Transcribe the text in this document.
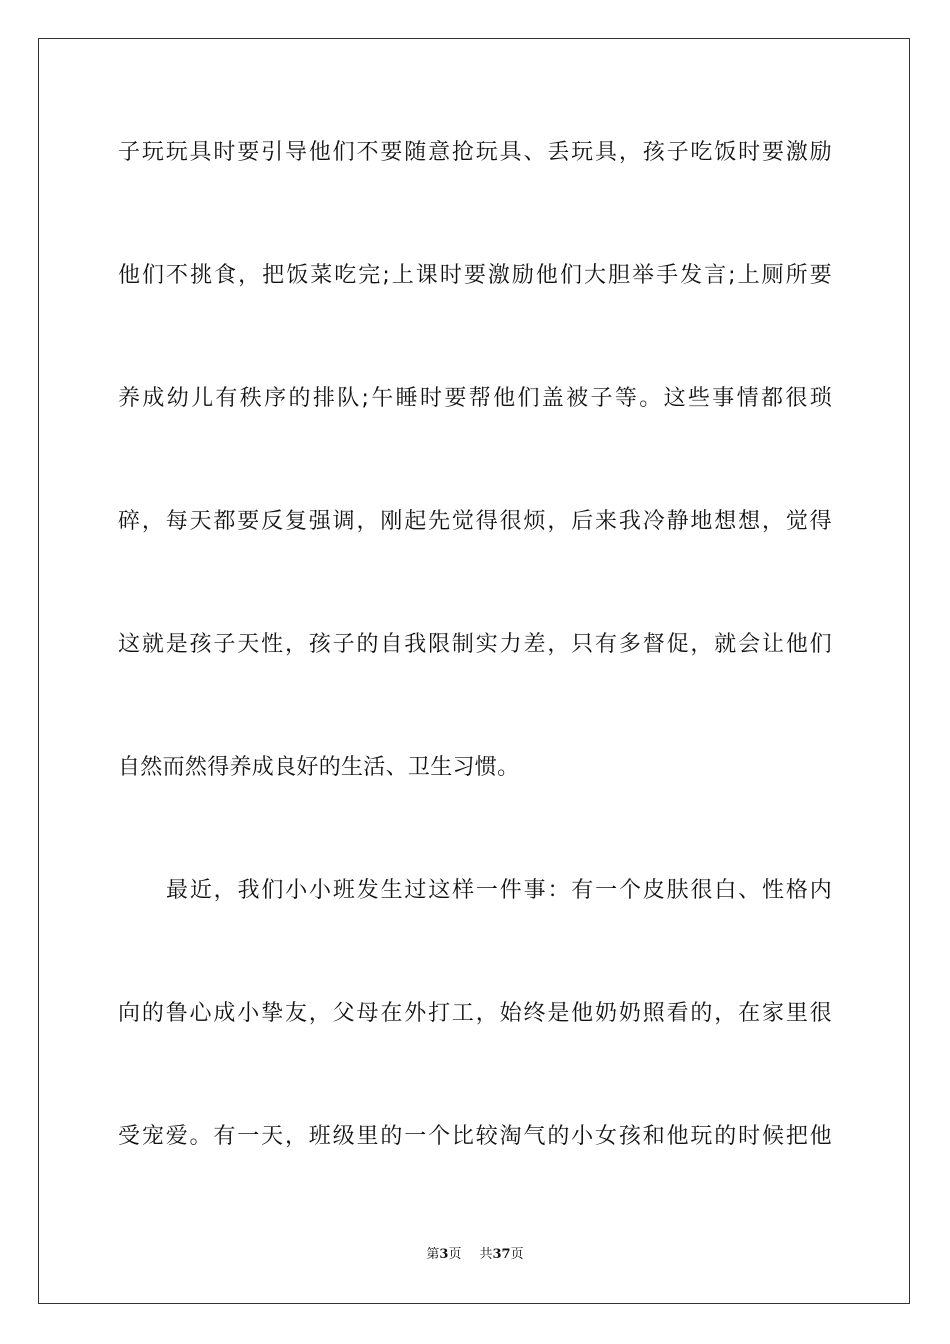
子玩玩具时要引导他们不要随意抢玩具、丢玩具，孩子吃饭时要激励
他们不挑食，把饭菜吃完;上课时要激励他们大胆举手发言;上厕所要
养成幼儿有秩序的排队;午睡时要帮他们盖被子等。这些事情都很琐
碎，每天都要反复强调，刚起先觉得很烦，后来我冷静地想想，觉得
这就是孩子天性，孩子的自我限制实力差，只有多督促，就会让他们
自然而然得养成良好的生活、卫生习惯。
最近，我们小小班发生过这样一件事：有一个皮肤很白、性格内
向的鲁心成小挚友，父母在外打工，始终是他奶奶照看的，在家里很
受宠爱。有一天，班级里的一个比较淘气的小女孩和他玩的时候把他
第3页 共37页
